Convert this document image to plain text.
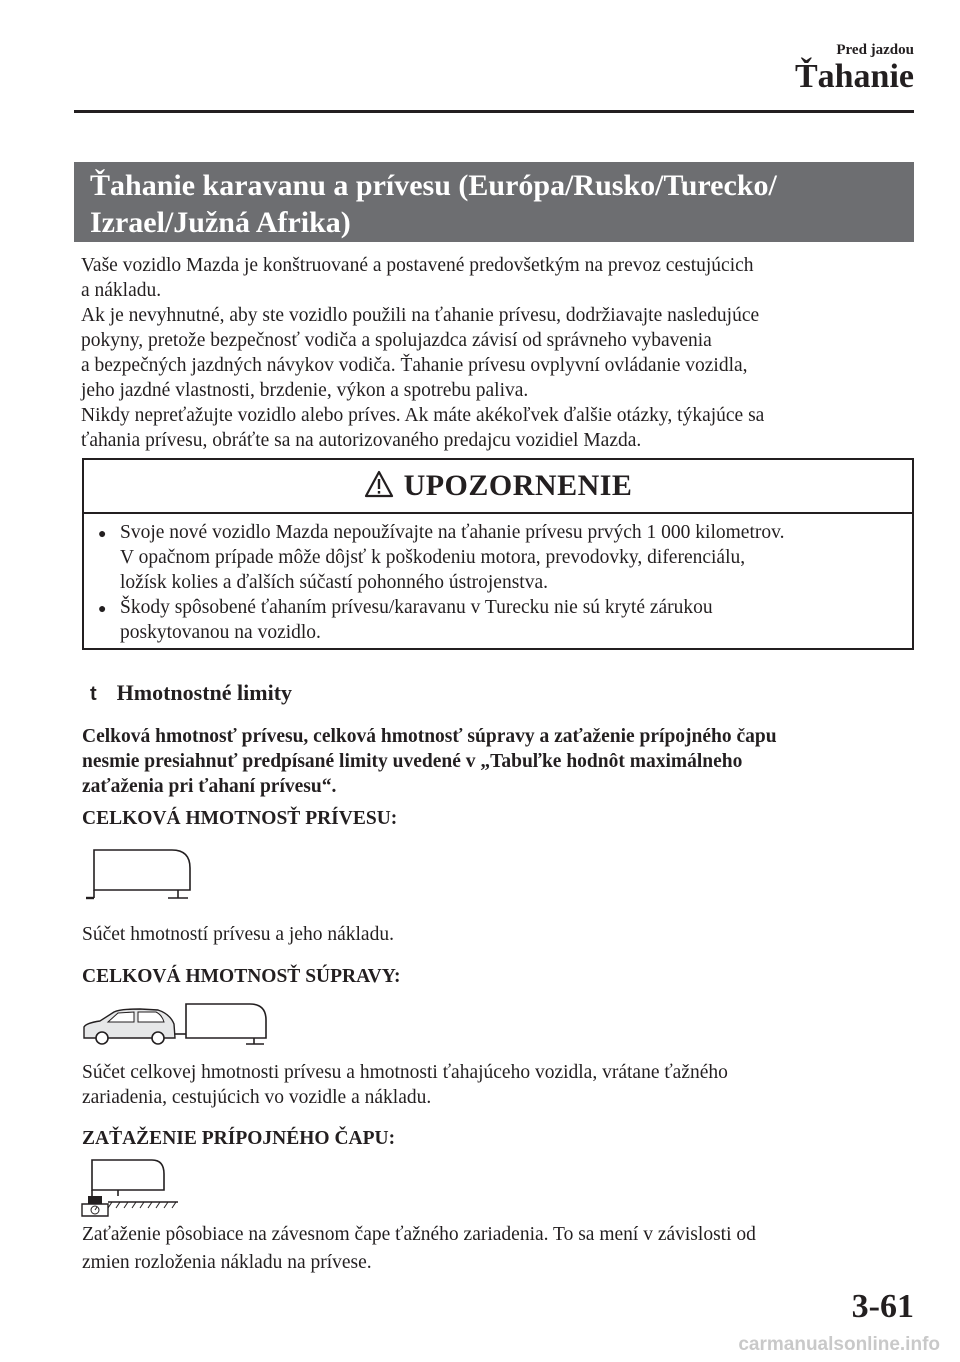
Pred jazdou
Ťahanie
Ťahanie karavanu a prívesu (Európa/Rusko/Turecko/
Izrael/Južná Afrika)

Vaše vozidlo Mazda je konštruované a postavené predovšetkým na prevoz cestujúcich

a nákladu.

Ak je nevyhnutné, aby ste vozidlo použili na ťahanie prívesu, dodržiavajte nasledujúce

pokyny, pretože bezpečnosť vodiča a spolujazdca závisí od správneho vybavenia

a bezpečných jazdných návykov vodiča. Ťahanie prívesu ovplyvní ovládanie vozidla,

jeho jazdné vlastnosti, brzdenie, výkon a spotrebu paliva.

Nikdy nepreťažujte vozidlo alebo príves. Ak máte akékoľvek ďalšie otázky, týkajúce sa

ťahania prívesu, obráťte sa na autorizovaného predajcu vozidiel Mazda.

UPOZORNENIE
● Svoje nové vozidlo Mazda nepoužívajte na ťahanie prívesu prvých 1 000 kilometrov.
V opačnom prípade môže dôjsť k poškodeniu motora, prevodovky, diferenciálu,
ložísk kolies a ďalších súčastí pohonného ústrojenstva.
● Škody spôsobené ťahaním prívesu/karavanu v Turecku nie sú kryté zárukou
poskytovanou na vozidlo.
t Hmotnostné limity
Celková hmotnosť prívesu, celková hmotnosť súpravy a zaťaženie prípojného čapu
nesmie presiahnuť predpísané limity uvedené v „Tabuľke hodnôt maximálneho
zaťaženia pri ťahaní prívesu“.
CELKOVÁ HMOTNOSŤ PRÍVESU:
Súčet hmotností prívesu a jeho nákladu.
CELKOVÁ HMOTNOSŤ SÚPRAVY:
Súčet celkovej hmotnosti prívesu a hmotnosti ťahajúceho vozidla, vrátane ťažného
zariadenia, cestujúcich vo vozidle a nákladu.
ZAŤAŽENIE PRÍPOJNÉHO ČAPU:
Zaťaženie pôsobiace na závesnom čape ťažného zariadenia. To sa mení v závislosti od
zmien rozloženia nákladu na prívese.
3-61
carmanualsonline.info
